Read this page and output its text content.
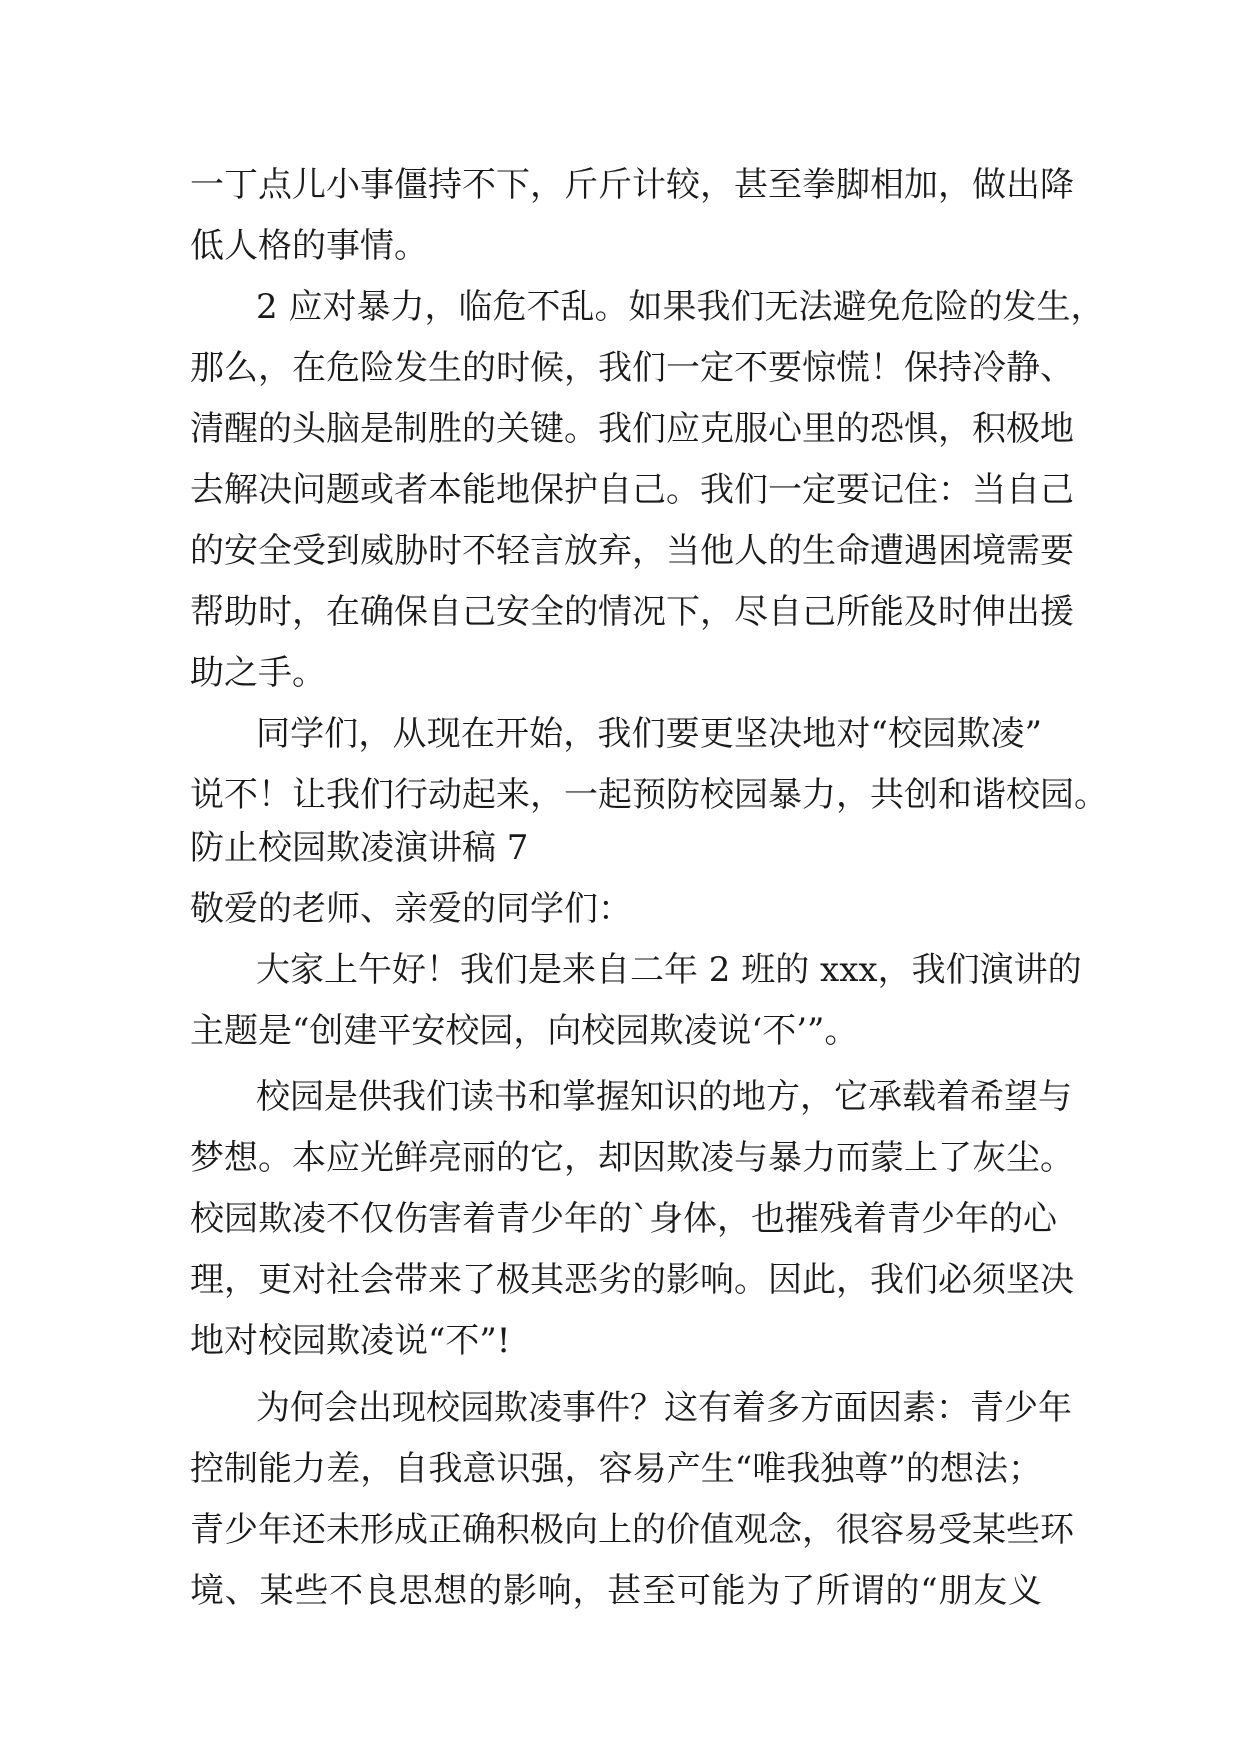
一丁点儿小事僵持不下，斤斤计较，甚至拳脚相加，做出降
低人格的事情。
2 应对暴力，临危不乱。如果我们无法避免危险的发生，
那么，在危险发生的时候，我们一定不要惊慌！保持冷静、
清醒的头脑是制胜的关键。我们应克服心里的恐惧，积极地
去解决问题或者本能地保护自己。我们一定要记住：当自己
的安全受到威胁时不轻言放弃，当他人的生命遭遇困境需要
帮助时，在确保自己安全的情况下，尽自己所能及时伸出援
助之手。
同学们，从现在开始，我们要更坚决地对“校园欺凌”
说不！让我们行动起来，一起预防校园暴力，共创和谐校园。
防止校园欺凌演讲稿 7
敬爱的老师、亲爱的同学们：
大家上午好！我们是来自二年 2 班的 xxx，我们演讲的
主题是“创建平安校园，向校园欺凌说‘不’”。
校园是供我们读书和掌握知识的地方，它承载着希望与
梦想。本应光鲜亮丽的它，却因欺凌与暴力而蒙上了灰尘。
校园欺凌不仅伤害着青少年的`身体，也摧残着青少年的心
理，更对社会带来了极其恶劣的影响。因此，我们必须坚决
地对校园欺凌说“不”!
为何会出现校园欺凌事件？这有着多方面因素：青少年
控制能力差，自我意识强，容易产生“唯我独尊”的想法；
青少年还未形成正确积极向上的价值观念，很容易受某些环
境、某些不良思想的影响，甚至可能为了所谓的“朋友义
